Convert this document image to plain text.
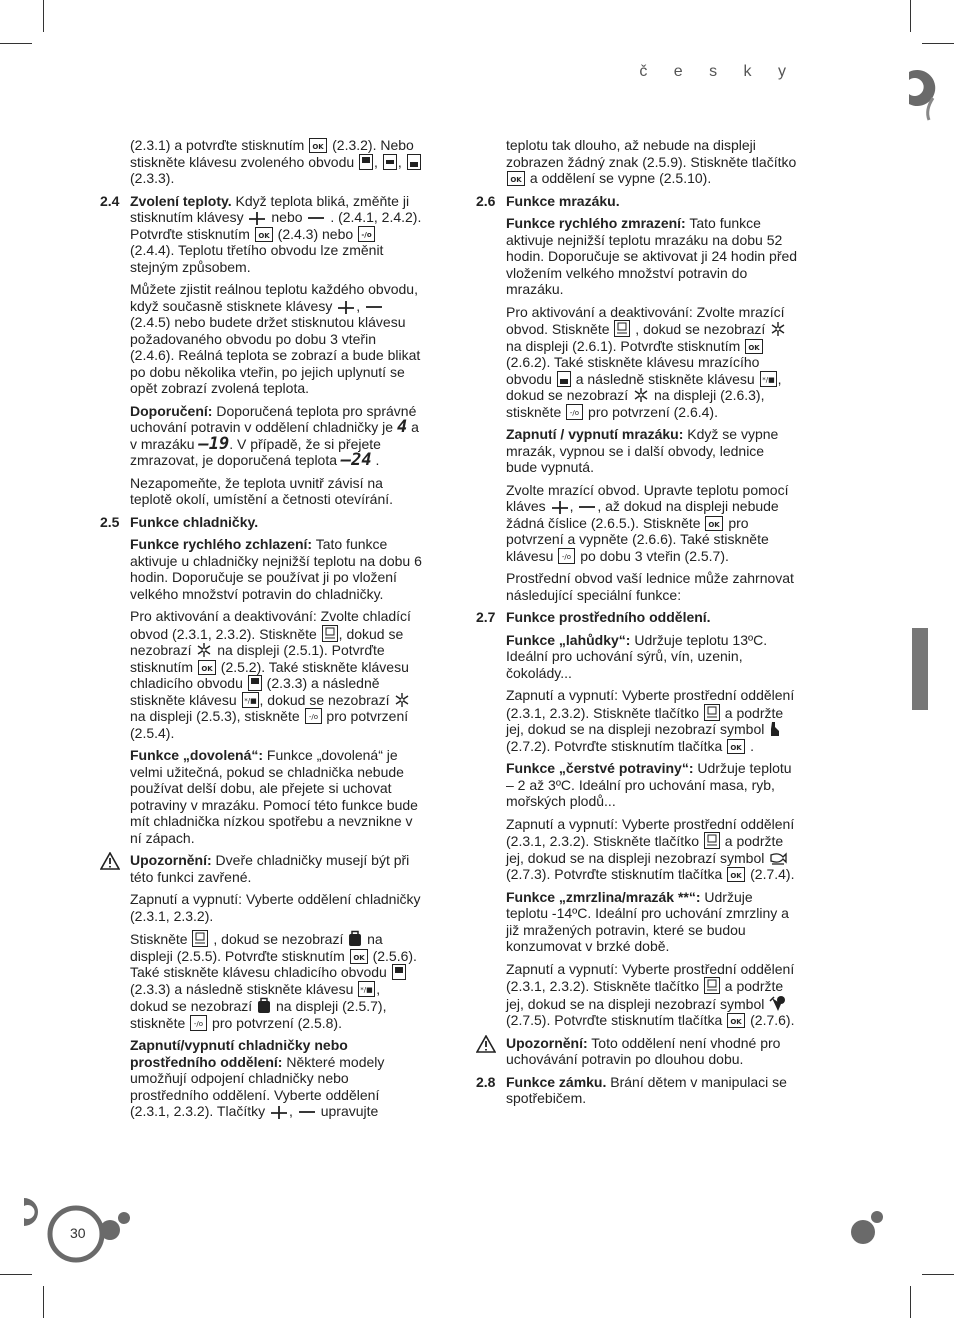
č e s k y

(2.3.1) a potvrďte stisknutím OK (2.3.2). Nebo stiskněte klávesu zvoleného obvodu , ,  (2.3.3).

2.4 Zvolení teploty. Když teplota bliká, změňte ji stisknutím klávesy nebo . (2.4.1, 2.4.2). Potvrďte stisknutím OK (2.4.3) nebo -/o
(2.4.4). Teplotu třetího obvodu lze změnit stejným způsobem.

Můžete zjistit reálnou teplotu každého obvodu, když současně stisknete klávesy ,  (2.4.5) nebo budete držet stisknutou klávesu požadovaného obvodu po dobu 3 vteřin (2.4.6). Reálná teplota se zobrazí a bude blikat po dobu několika vteřin, po jejich uplynutí se opět zobrazí zvolená teplota.

Doporučení: Doporučená teplota pro správné uchování potravin v oddělení chladničky je 4 a v mrazáku –19. V případě, že si přejete zmrazovat, je doporučená teplota –24 .

Nezapomeňte, že teplota uvnitř závisí na teplotě okolí, umístění a četnosti otevírání.

2.5 Funkce chladničky.

Funkce rychlého zchlazení: Tato funkce aktivuje u chladničky nejnižší teplotu na dobu 6 hodin. Doporučuje se používat ji po vložení velkého množství potravin do chladničky.

Pro aktivování a deaktivování: Zvolte chladící obvod (2.3.1, 2.3.2). Stiskněte , dokud se nezobrazí na displeji (2.5.1). Potvrďte stisknutím OK (2.5.2). Také stiskněte klávesu chladicího obvodu (2.3.3) a následně stiskněte klávesu */■ , dokud se nezobrazí  na displeji (2.5.3), stiskněte -/o pro potvrzení (2.5.4).

Funkce „dovolená“: Funkce „dovolená“ je velmi užitečná, pokud se chladnička nebude používat delší dobu, ale přejete si uchovat potraviny v mrazáku. Pomocí této funkce bude mít chladnička nízkou spotřebu a nevznikne v ní zápach.

Upozornění: Dveře chladničky musejí být při této funkci zavřené.

Zapnutí a vypnutí: Vyberte oddělení chladničky (2.3.1, 2.3.2).

Stiskněte , dokud se nezobrazí na displeji (2.5.5). Potvrďte stisknutím OK (2.5.6). Také stiskněte klávesu chladicího obvodu  (2.3.3) a následně stiskněte klávesu */■ , dokud se nezobrazí na displeji (2.5.7), stiskněte -/o pro potvrzení (2.5.8).

Zapnutí/vypnutí chladničky nebo prostředního oddělení: Některé modely umožňují odpojení chladničky nebo prostředního oddělení. Vyberte oddělení (2.3.1, 2.3.2). Tlačítky , upravujte

teplotu tak dlouho, až nebude na displeji zobrazen žádný znak (2.5.9). Stiskněte tlačítko
OK a oddělení se vypne (2.5.10).

2.6 Funkce mrazáku.

Funkce rychlého zmrazení: Tato funkce aktivuje nejnižší teplotu mrazáku na dobu 52 hodin. Doporučuje se aktivovat ji 24 hodin před vložením velkého množství potravin do mrazáku.

Pro aktivování a deaktivování: Zvolte mrazící obvod. Stiskněte , dokud se nezobrazí  na displeji (2.6.1). Potvrďte stisknutím OK
(2.6.2). Také stiskněte klávesu mrazícího obvodu a následně stiskněte klávesu */■ , dokud se nezobrazí na displeji (2.6.3), stiskněte -/o pro potvrzení (2.6.4).

Zapnutí / vypnutí mrazáku: Když se vypne mrazák, vypnou se i další obvody, lednice bude vypnutá.

Zvolte mrazící obvod. Upravte teplotu pomocí kláves , , až dokud na displeji nebude žádná číslice (2.6.5.). Stiskněte OK pro potvrzení a vypněte (2.6.6). Také stiskněte klávesu -/o po dobu 3 vteřin (2.5.7).

Prostřední obvod vaší lednice může zahrnovat následující speciální funkce:

2.7 Funkce prostředního oddělení.

Funkce „lahůdky“: Udržuje teplotu 13ºC. Ideální pro uchování sýrů, vín, uzenin, čokolády...

Zapnutí a vypnutí: Vyberte prostřední oddělení (2.3.1, 2.3.2). Stiskněte tlačítko a podržte jej, dokud se na displeji nezobrazí symbol  (2.7.2). Potvrďte stisknutím tlačítka OK .

Funkce „čerstvé potraviny“: Udržuje teplotu – 2 až 3ºC. Ideální pro uchování masa, ryb, mořských plodů...

Zapnutí a vypnutí: Vyberte prostřední oddělení (2.3.1, 2.3.2). Stiskněte tlačítko a podržte jej, dokud se na displeji nezobrazí symbol  (2.7.3). Potvrďte stisknutím tlačítka OK (2.7.4).

Funkce „zmrzlina/mrazák **“: Udržuje teplotu -14ºC. Ideální pro uchování zmrzliny a již mražených potravin, které se budou konzumovat v brzké době.

Zapnutí a vypnutí: Vyberte prostřední oddělení (2.3.1, 2.3.2). Stiskněte tlačítko a podržte jej, dokud se na displeji nezobrazí symbol  (2.7.5). Potvrďte stisknutím tlačítka OK (2.7.6).

Upozornění: Toto oddělení není vhodné pro uchovávání potravin po dlouhou dobu.
2.8 Funkce zámku. Brání dětem v manipulaci se spotřebičem.
30
